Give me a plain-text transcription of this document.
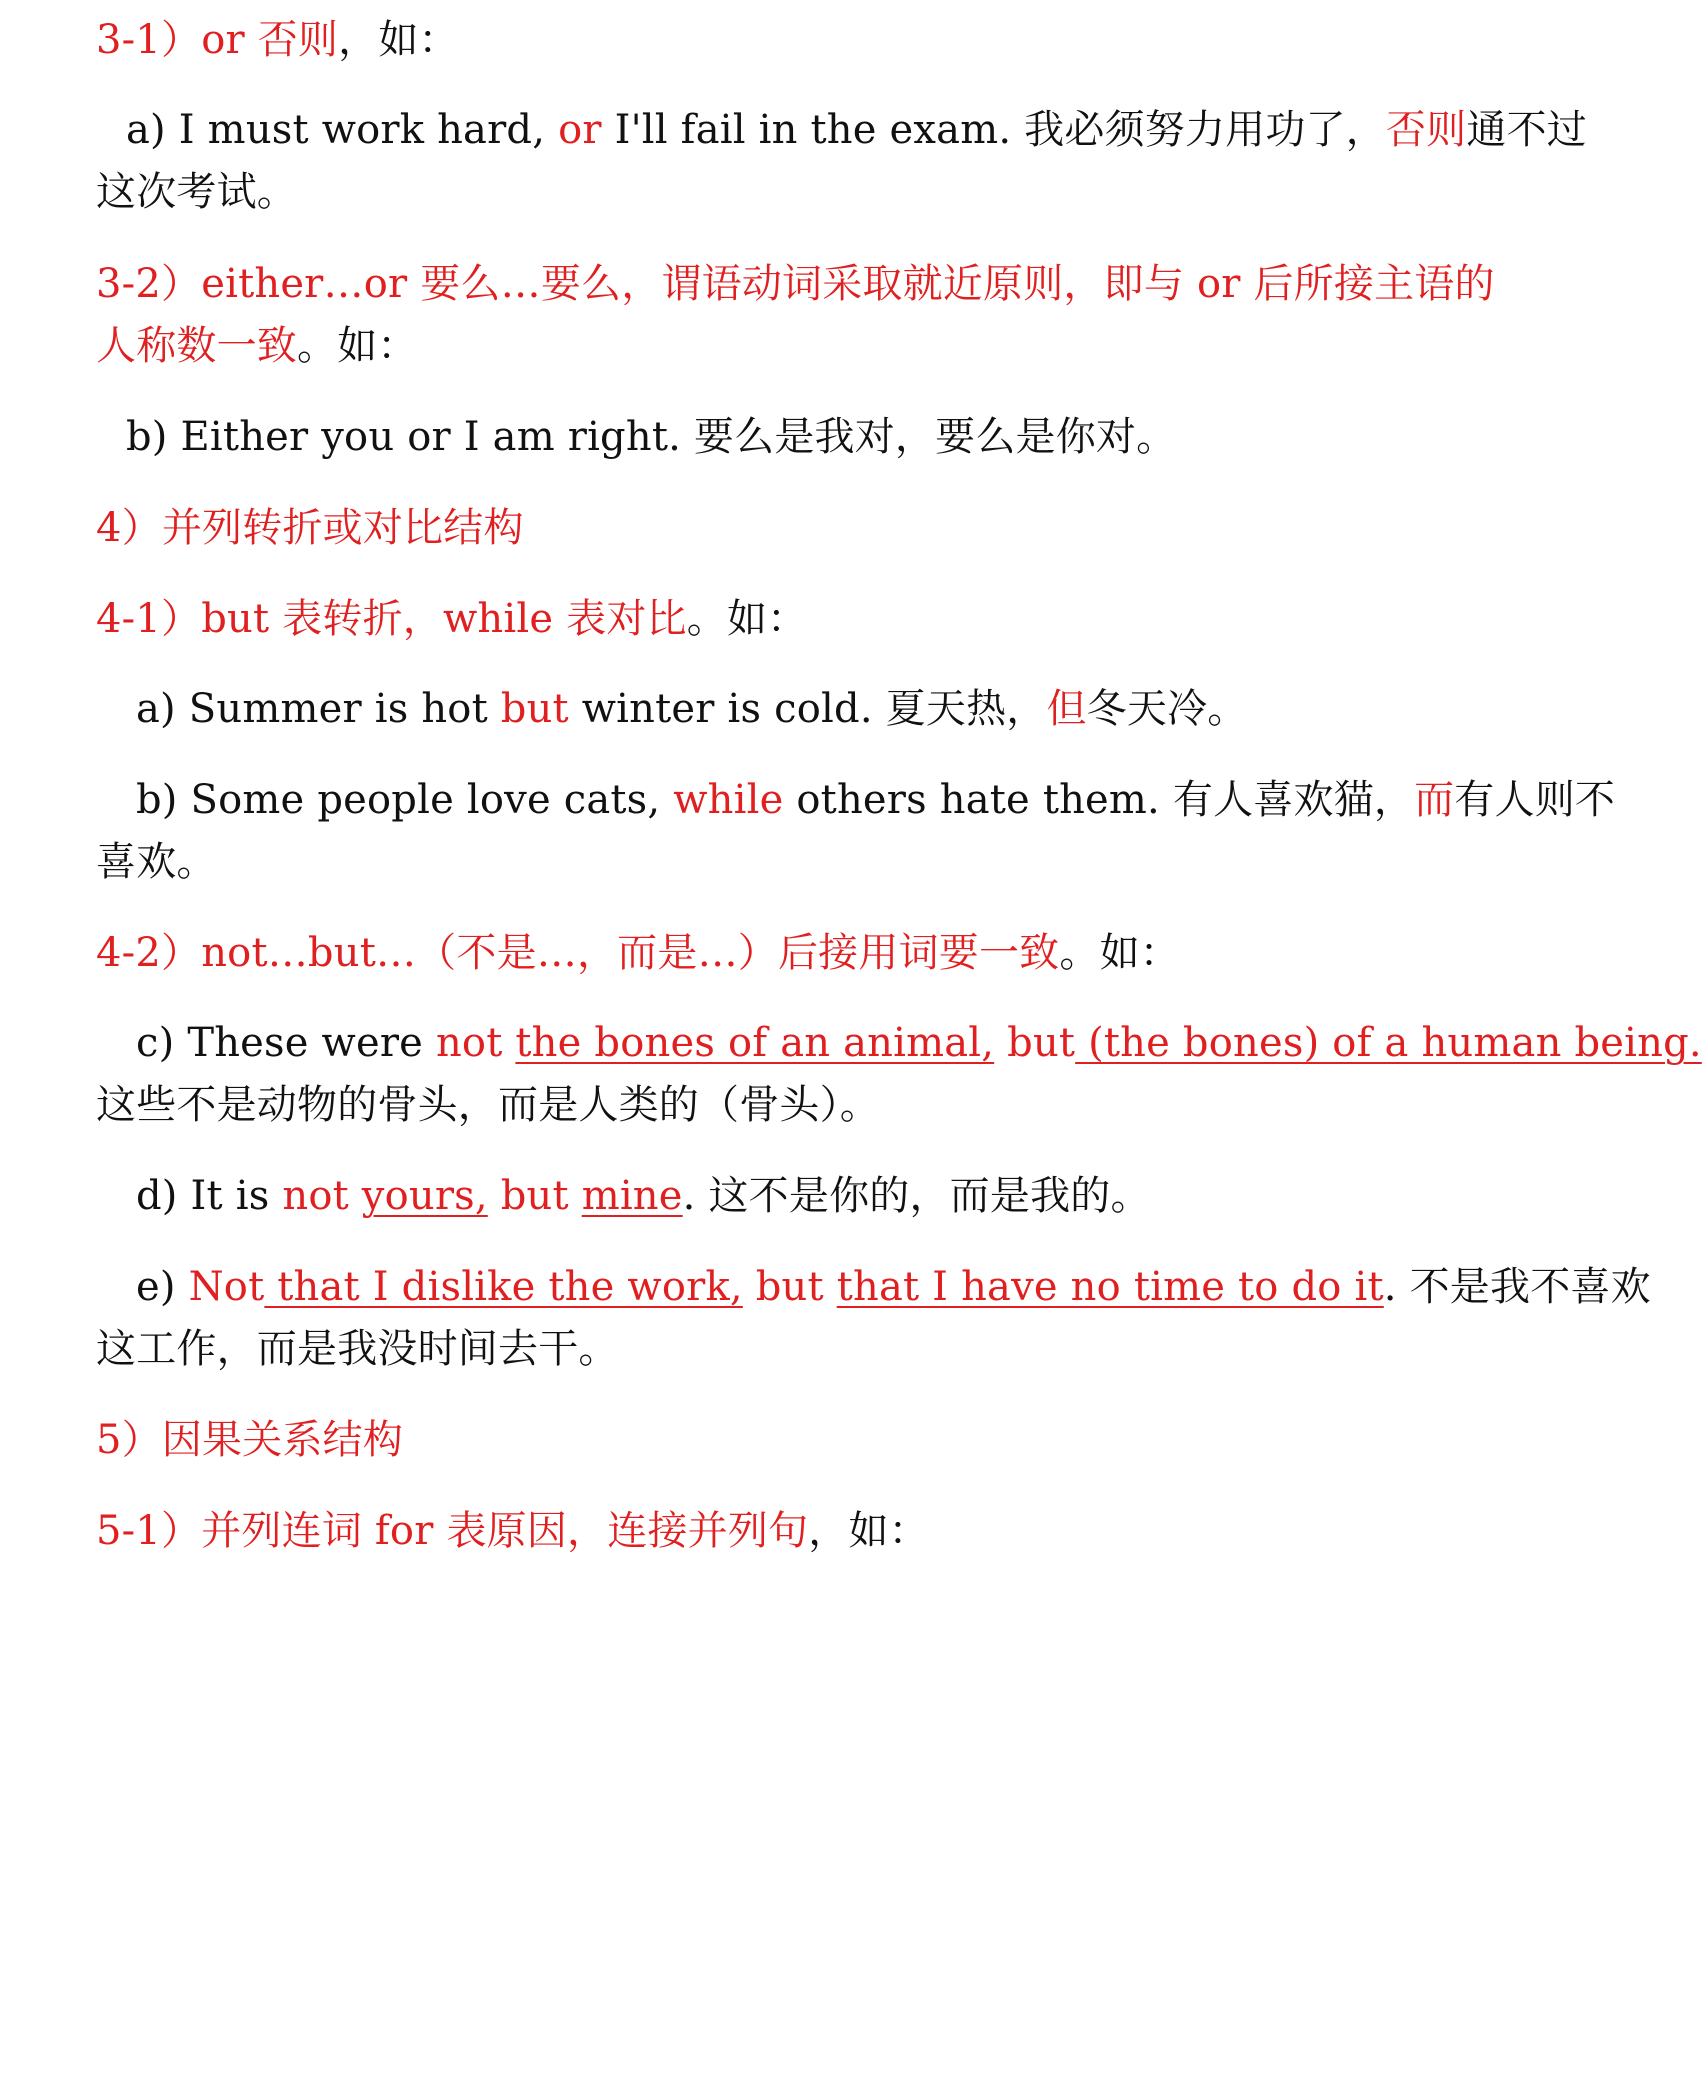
3-1）or 否则，如：
a) I must work hard, or I'll fail in the exam. 我必须努力用功了，否则通不过
这次考试。
3-2）either…or 要么…要么，谓语动词采取就近原则，即与 or 后所接主语的
人称数一致。如：
b) Either you or I am right. 要么是我对，要么是你对。
4）并列转折或对比结构
4-1）but 表转折，while 表对比。如：
a) Summer is hot but winter is cold. 夏天热，但冬天冷。
b) Some people love cats, while others hate them. 有人喜欢猫，而有人则不
喜欢。
4-2）not…but…（不是…，而是…）后接用词要一致。如：
c) These were not the bones of an animal, but (the bones) of a human being.
这些不是动物的骨头，而是人类的（骨头）。
d) It is not yours, but mine. 这不是你的，而是我的。
e) Not that I dislike the work, but that I have no time to do it. 不是我不喜欢
这工作，而是我没时间去干。
5）因果关系结构
5-1）并列连词 for 表原因，连接并列句，如：
